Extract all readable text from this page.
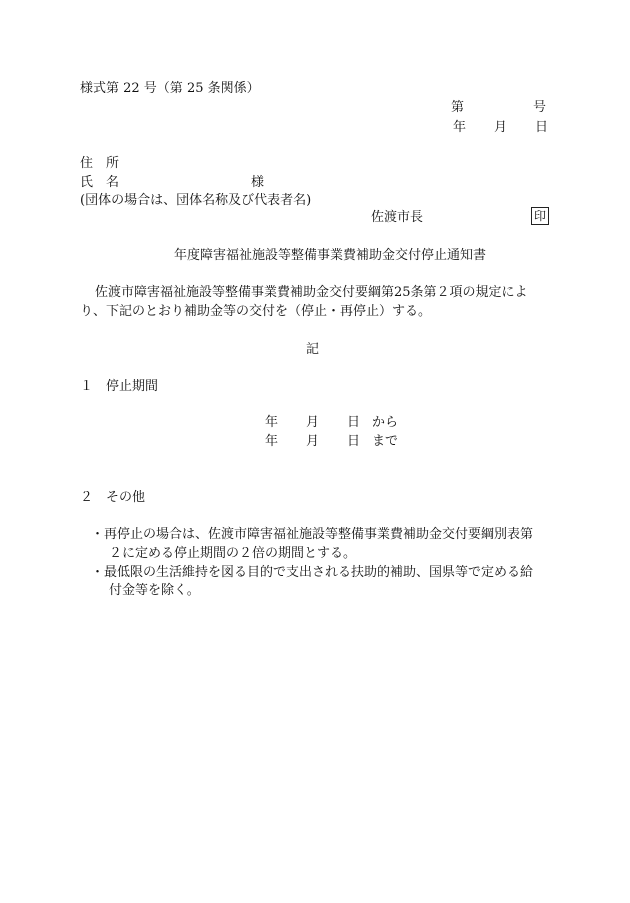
様式第 22 号（第 25 条関係）
第	号
年 月 日
住　所
氏　名	様
(団体の場合は、団体名称及び代表者名)
佐渡市長	印
年度障害福祉施設等整備事業費補助金交付停止通知書
佐渡市障害福祉施設等整備事業費補助金交付要綱第25条第２項の規定によ
り、下記のとおり補助金等の交付を（停止・再停止）する。
記
１　停止期間
年 月 日 から
年 月 日 まで
２　その他
・再停止の場合は、佐渡市障害福祉施設等整備事業費補助金交付要綱別表第
２に定める停止期間の２倍の期間とする。
・最低限の生活維持を図る目的で支出される扶助的補助、国県等で定める給
付金等を除く。
